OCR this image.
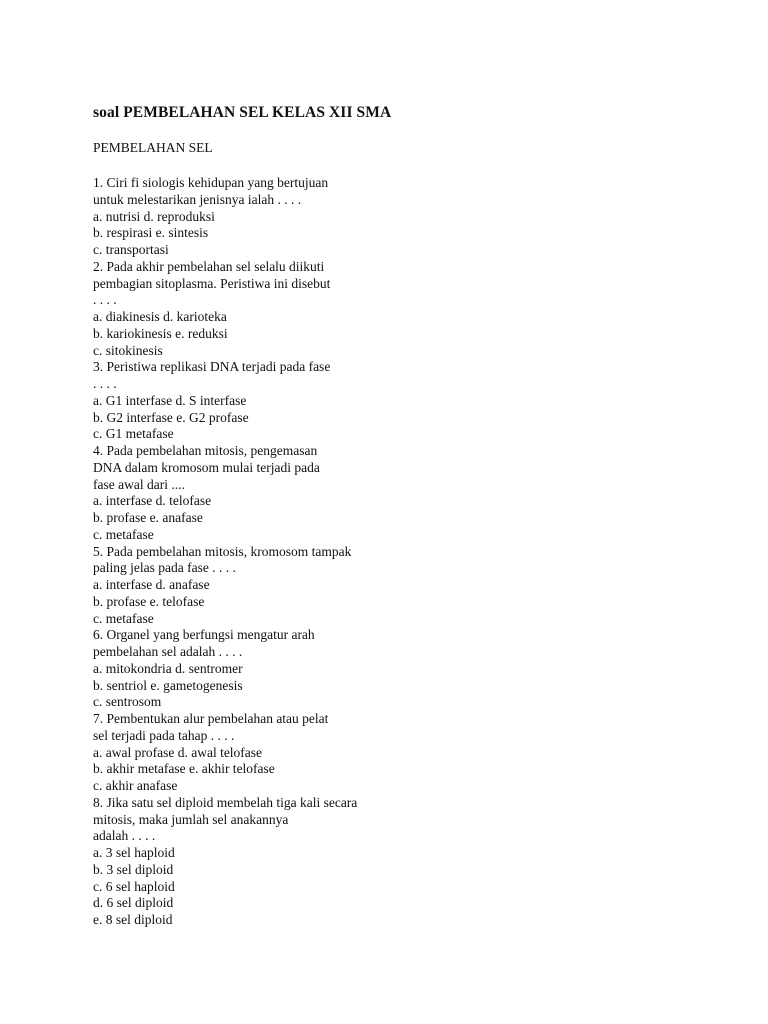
soal PEMBELAHAN SEL KELAS XII SMA
PEMBELAHAN SEL
1. Ciri fi siologis kehidupan yang bertujuan
untuk melestarikan jenisnya ialah . . . .
a. nutrisi d. reproduksi
b. respirasi e. sintesis
c. transportasi
2. Pada akhir pembelahan sel selalu diikuti
pembagian sitoplasma. Peristiwa ini disebut
. . . .
a. diakinesis d. karioteka
b. kariokinesis e. reduksi
c. sitokinesis
3. Peristiwa replikasi DNA terjadi pada fase
. . . .
a. G1 interfase d. S interfase
b. G2 interfase e. G2 profase
c. G1 metafase
4. Pada pembelahan mitosis, pengemasan
DNA dalam kromosom mulai terjadi pada
fase awal dari ....
a. interfase d. telofase
b. profase e. anafase
c. metafase
5. Pada pembelahan mitosis, kromosom tampak
paling jelas pada fase . . . .
a. interfase d. anafase
b. profase e. telofase
c. metafase
6. Organel yang berfungsi mengatur arah
pembelahan sel adalah . . . .
a. mitokondria d. sentromer
b. sentriol e. gametogenesis
c. sentrosom
7. Pembentukan alur pembelahan atau pelat
sel terjadi pada tahap . . . .
a. awal profase d. awal telofase
b. akhir metafase e. akhir telofase
c. akhir anafase
8. Jika satu sel diploid membelah tiga kali secara
mitosis, maka jumlah sel anakannya
adalah . . . .
a. 3 sel haploid
b. 3 sel diploid
c. 6 sel haploid
d. 6 sel diploid
e. 8 sel diploid
